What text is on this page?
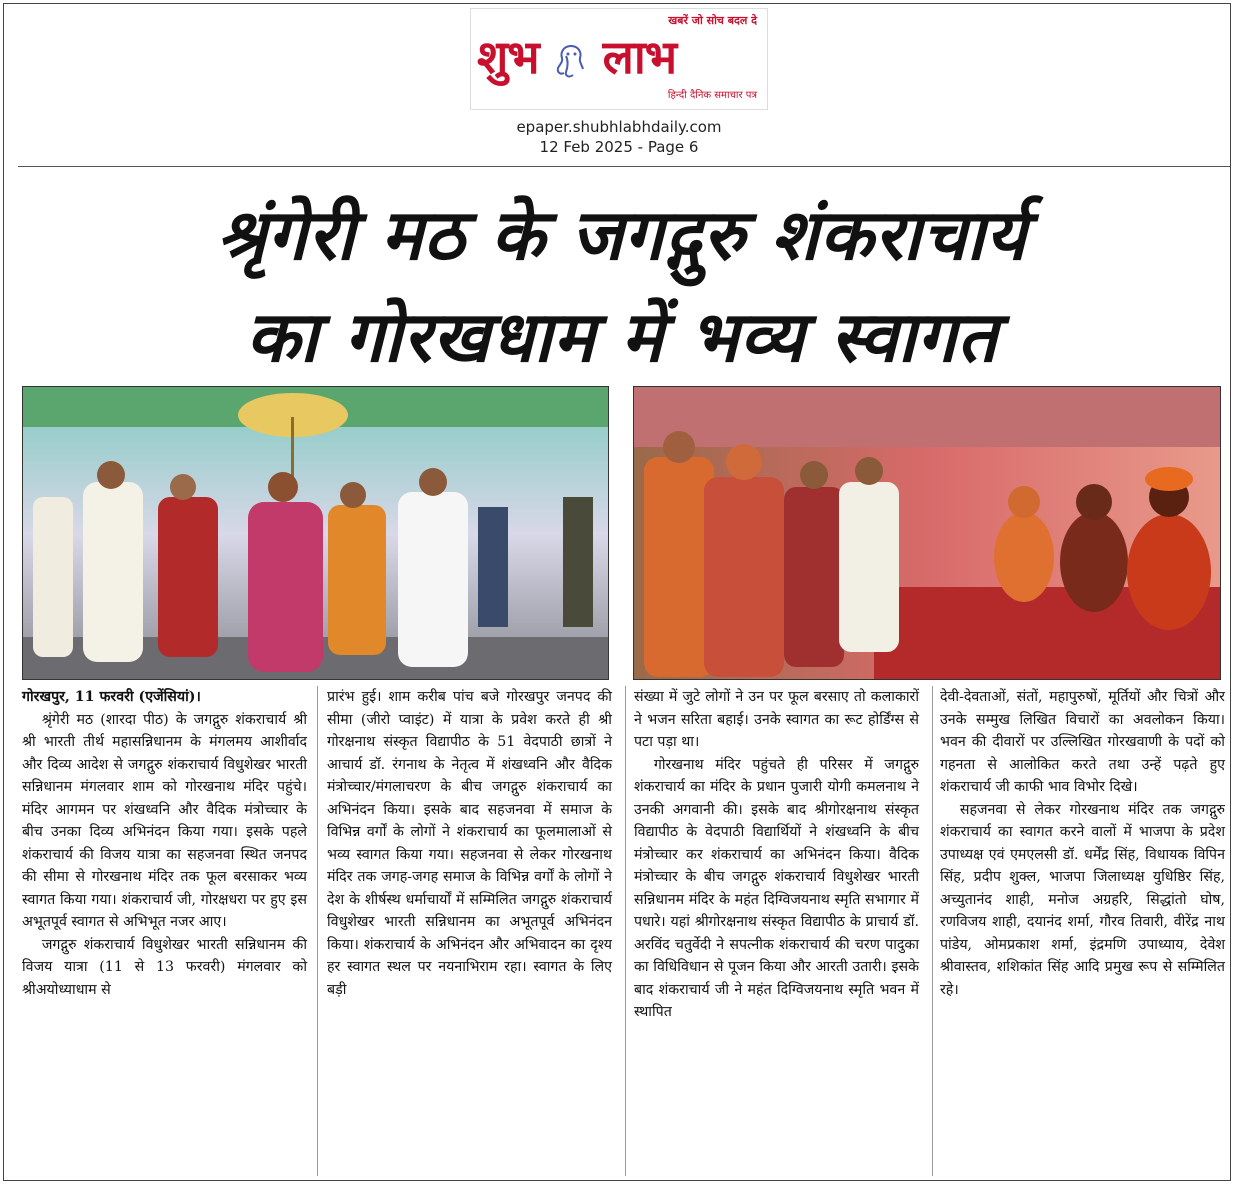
खबरें जो सोच बदल दे
शुभ लाभ
हिन्दी दैनिक समाचार पत्र
epaper.shubhlabhdaily.com
12 Feb 2025 - Page 6
श्रृंगेरी मठ के जगद्गुरु शंकराचार्य
का गोरखधाम में भव्य स्वागत

गोरखपुर, 11 फरवरी (एजेंसियां)।

श्रृंगेरी मठ (शारदा पीठ) के जगद्गुरु शंकराचार्य श्री श्री भारती तीर्थ महासन्निधानम के मंगलमय आशीर्वाद और दिव्य आदेश से जगद्गुरु शंकराचार्य विधुशेखर भारती सन्निधानम मंगलवार शाम को गोरखनाथ मंदिर पहुंचे। मंदिर आगमन पर शंखध्वनि और वैदिक मंत्रोच्चार के बीच उनका दिव्य अभिनंदन किया गया। इसके पहले शंकराचार्य की विजय यात्रा का सहजनवा स्थित जनपद की सीमा से गोरखनाथ मंदिर तक फूल बरसाकर भव्य स्वागत किया गया। शंकराचार्य जी, गोरक्षधरा पर हुए इस अभूतपूर्व स्वागत से अभिभूत नजर आए।

जगद्गुरु शंकराचार्य विधुशेखर भारती सन्निधानम की विजय यात्रा (11 से 13 फरवरी) मंगलवार को श्रीअयोध्याधाम से

प्रारंभ हुई। शाम करीब पांच बजे गोरखपुर जनपद की सीमा (जीरो प्वाइंट) में यात्रा के प्रवेश करते ही श्री गोरक्षनाथ संस्कृत विद्यापीठ के 51 वेदपाठी छात्रों ने आचार्य डॉ. रंगनाथ के नेतृत्व में शंखध्वनि और वैदिक मंत्रोच्चार/मंगलाचरण के बीच जगद्गुरु शंकराचार्य का अभिनंदन किया। इसके बाद सहजनवा में समाज के विभिन्न वर्गों के लोगों ने शंकराचार्य का फूलमालाओं से भव्य स्वागत किया गया। सहजनवा से लेकर गोरखनाथ मंदिर तक जगह-जगह समाज के विभिन्न वर्गों के लोगों ने देश के शीर्षस्थ धर्माचार्यों में सम्मिलित जगद्गुरु शंकराचार्य विधुशेखर भारती सन्निधानम का अभूतपूर्व अभिनंदन किया। शंकराचार्य के अभिनंदन और अभिवादन का दृश्य हर स्वागत स्थल पर नयनाभिराम रहा। स्वागत के लिए बड़ी

संख्या में जुटे लोगों ने उन पर फूल बरसाए तो कलाकारों ने भजन सरिता बहाई। उनके स्वागत का रूट होर्डिंग्स से पटा पड़ा था।

गोरखनाथ मंदिर पहुंचते ही परिसर में जगद्गुरु शंकराचार्य का मंदिर के प्रधान पुजारी योगी कमलनाथ ने उनकी अगवानी की। इसके बाद श्रीगोरक्षनाथ संस्कृत विद्यापीठ के वेदपाठी विद्यार्थियों ने शंखध्वनि के बीच मंत्रोच्चार कर शंकराचार्य का अभिनंदन किया। वैदिक मंत्रोच्चार के बीच जगद्गुरु शंकराचार्य विधुशेखर भारती सन्निधानम मंदिर के महंत दिग्विजयनाथ स्मृति सभागार में पधारे। यहां श्रीगोरक्षनाथ संस्कृत विद्यापीठ के प्राचार्य डॉ. अरविंद चतुर्वेदी ने सपत्नीक शंकराचार्य की चरण पादुका का विधिविधान से पूजन किया और आरती उतारी। इसके बाद शंकराचार्य जी ने महंत दिग्विजयनाथ स्मृति भवन में स्थापित

देवी-देवताओं, संतों, महापुरुषों, मूर्तियों और चित्रों और उनके सम्मुख लिखित विचारों का अवलोकन किया। भवन की दीवारों पर उल्लिखित गोरखवाणी के पदों को गहनता से आलोकित करते तथा उन्हें पढ़ते हुए शंकराचार्य जी काफी भाव विभोर दिखे।

सहजनवा से लेकर गोरखनाथ मंदिर तक जगद्गुरु शंकराचार्य का स्वागत करने वालों में भाजपा के प्रदेश उपाध्यक्ष एवं एमएलसी डॉ. धर्मेंद्र सिंह, विधायक विपिन सिंह, प्रदीप शुक्ल, भाजपा जिलाध्यक्ष युधिष्ठिर सिंह, अच्युतानंद शाही, मनोज अग्रहरि, सिद्धांतो घोष, रणविजय शाही, दयानंद शर्मा, गौरव तिवारी, वीरेंद्र नाथ पांडेय, ओमप्रकाश शर्मा, इंद्रमणि उपाध्याय, देवेश श्रीवास्तव, शशिकांत सिंह आदि प्रमुख रूप से सम्मिलित रहे।
